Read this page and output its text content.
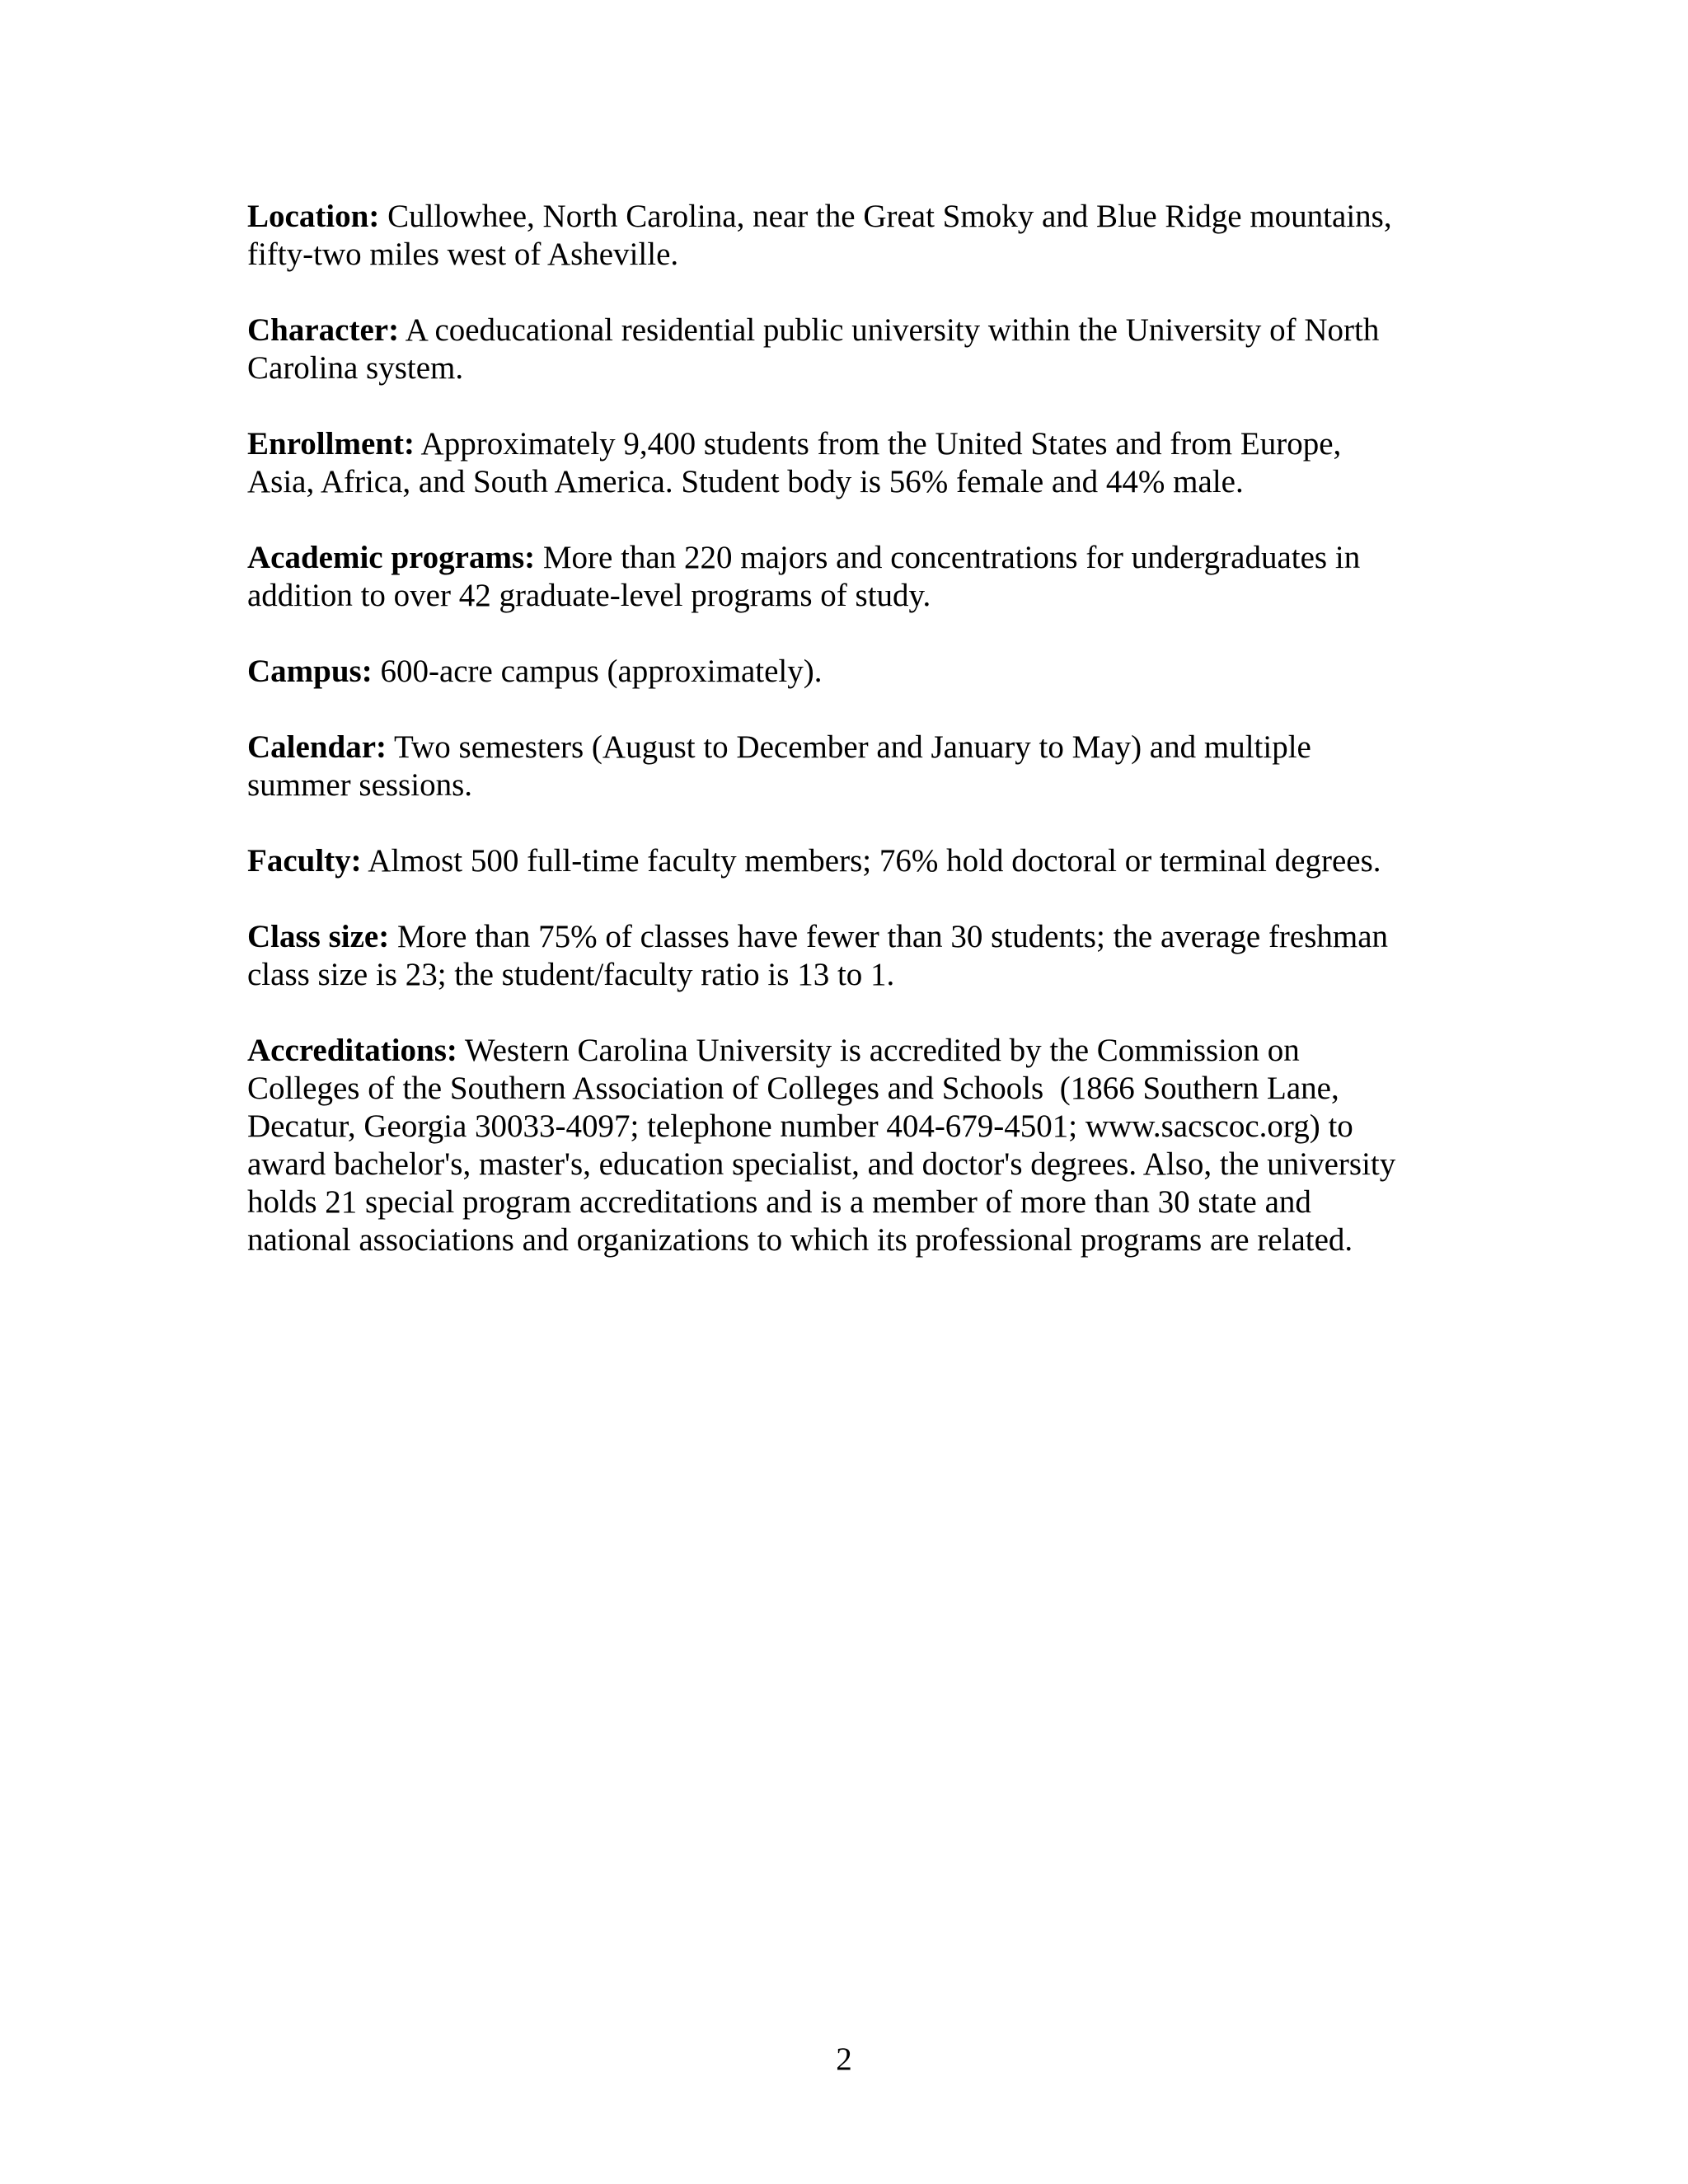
Location: Cullowhee, North Carolina, near the Great Smoky and Blue Ridge mountains,
fifty-two miles west of Asheville.
Character: A coeducational residential public university within the University of North
Carolina system.
Enrollment: Approximately 9,400 students from the United States and from Europe,
Asia, Africa, and South America. Student body is 56% female and 44% male.
Academic programs: More than 220 majors and concentrations for undergraduates in
addition to over 42 graduate-level programs of study.
Campus: 600-acre campus (approximately).
Calendar: Two semesters (August to December and January to May) and multiple
summer sessions.
Faculty: Almost 500 full-time faculty members; 76% hold doctoral or terminal degrees.
Class size: More than 75% of classes have fewer than 30 students; the average freshman
class size is 23; the student/faculty ratio is 13 to 1.
Accreditations: Western Carolina University is accredited by the Commission on
Colleges of the Southern Association of Colleges and Schools  (1866 Southern Lane,
Decatur, Georgia 30033-4097; telephone number 404-679-4501; www.sacscoc.org) to
award bachelor's, master's, education specialist, and doctor's degrees. Also, the university
holds 21 special program accreditations and is a member of more than 30 state and
national associations and organizations to which its professional programs are related.
2
